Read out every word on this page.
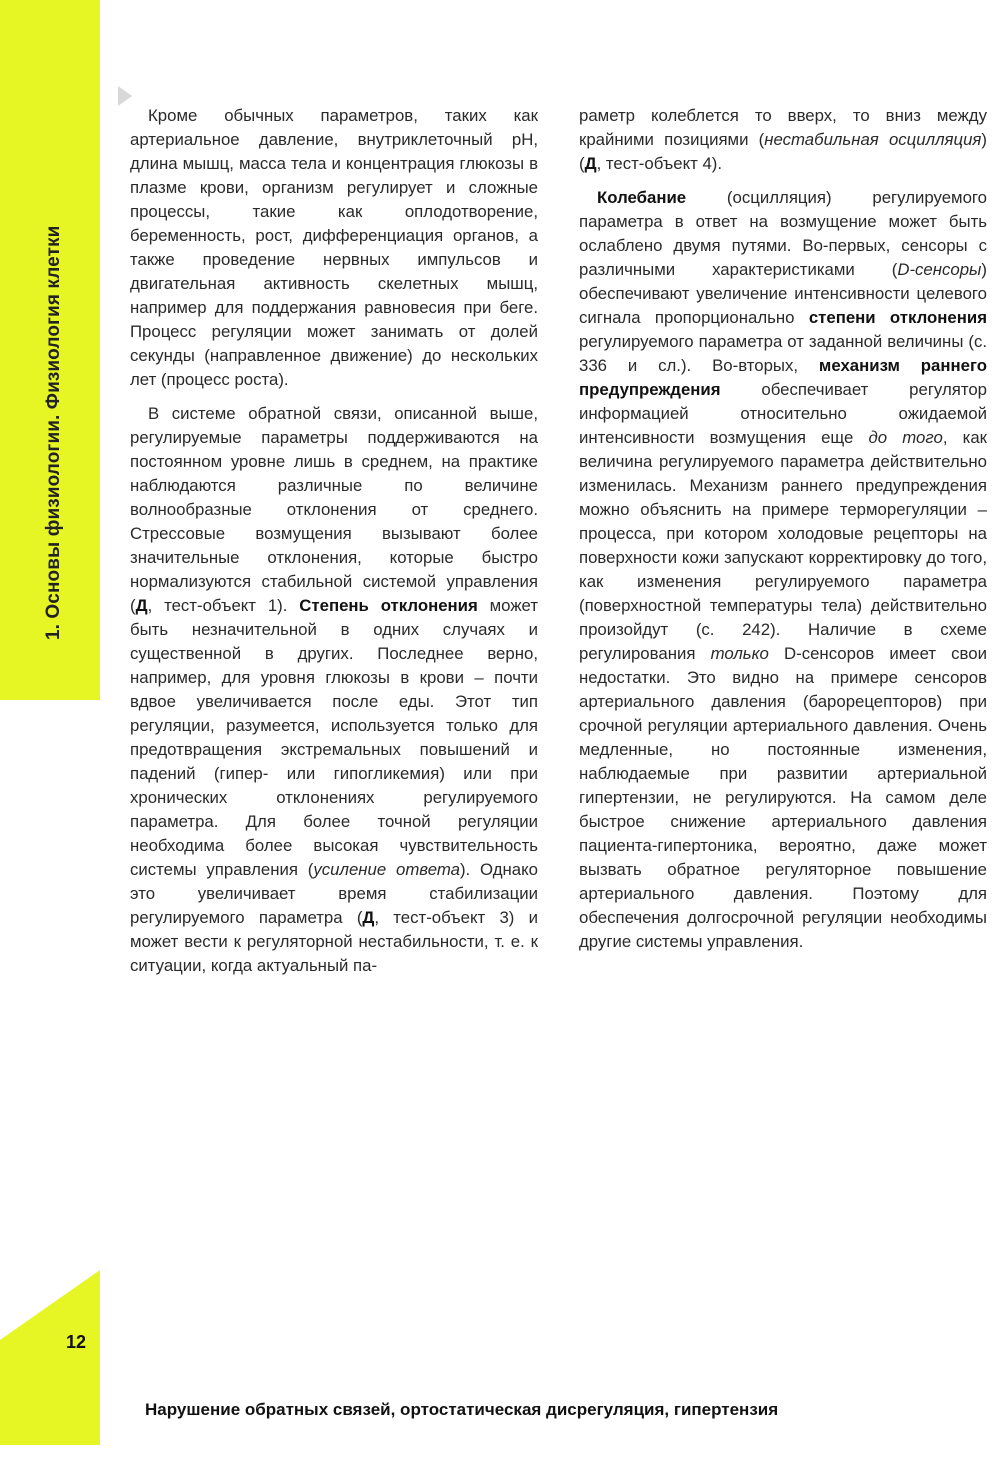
1. Основы физиологии. Физиология клетки

Кроме обычных параметров, таких как артериальное давление, внутриклеточный pH, длина мышц, масса тела и концентрация глюкозы в плазме крови, организм регулирует и сложные процессы, такие как оплодотворение, беременность, рост, дифференциация органов, а также проведение нервных импульсов и двигательная активность скелетных мышц, например для поддержания равновесия при беге. Процесс регуляции может занимать от долей секунды (направленное движение) до нескольких лет (процесс роста).

В системе обратной связи, описанной выше, регулируемые параметры поддерживаются на постоянном уровне лишь в среднем, на практике наблюдаются различные по величине волнообразные отклонения от среднего. Стрессовые возмущения вызывают более значительные отклонения, которые быстро нормализуются стабильной системой управления (Д, тест-объект 1). Степень отклонения может быть незначительной в одних случаях и существенной в других. Последнее верно, например, для уровня глюкозы в крови – почти вдвое увеличивается после еды. Этот тип регуляции, разумеется, используется только для предотвращения экстремальных повышений и падений (гипер- или гипогликемия) или при хронических отклонениях регулируемого параметра. Для более точной регуляции необходима более высокая чувствительность системы управления (усиление ответа). Однако это увеличивает время стабилизации регулируемого параметра (Д, тест-объект 3) и может вести к регуляторной нестабильности, т. е. к ситуации, когда актуальный па-

раметр колеблется то вверх, то вниз между крайними позициями (нестабильная осцилляция) (Д, тест-объект 4).

Колебание (осцилляция) регулируемого параметра в ответ на возмущение может быть ослаблено двумя путями. Во-первых, сенсоры с различными характеристиками (D-сенсоры) обеспечивают увеличение интенсивности целевого сигнала пропорционально степени отклонения регулируемого параметра от заданной величины (с. 336 и сл.). Во-вторых, механизм раннего предупреждения обеспечивает регулятор информацией относительно ожидаемой интенсивности возмущения еще до того, как величина регулируемого параметра действительно изменилась. Механизм раннего предупреждения можно объяснить на примере терморегуляции – процесса, при котором холодовые рецепторы на поверхности кожи запускают корректировку до того, как изменения регулируемого параметра (поверхностной температуры тела) действительно произойдут (с. 242). Наличие в схеме регулирования только D-сенсоров имеет свои недостатки. Это видно на примере сенсоров артериального давления (барорецепторов) при срочной регуляции артериального давления. Очень медленные, но постоянные изменения, наблюдаемые при развитии артериальной гипертензии, не регулируются. На самом деле быстрое снижение артериального давления пациента-гипертоника, вероятно, даже может вызвать обратное регуляторное повышение артериального давления. Поэтому для обеспечения долгосрочной регуляции необходимы другие системы управления.

12
Нарушение обратных связей, ортостатическая дисрегуляция, гипертензия
